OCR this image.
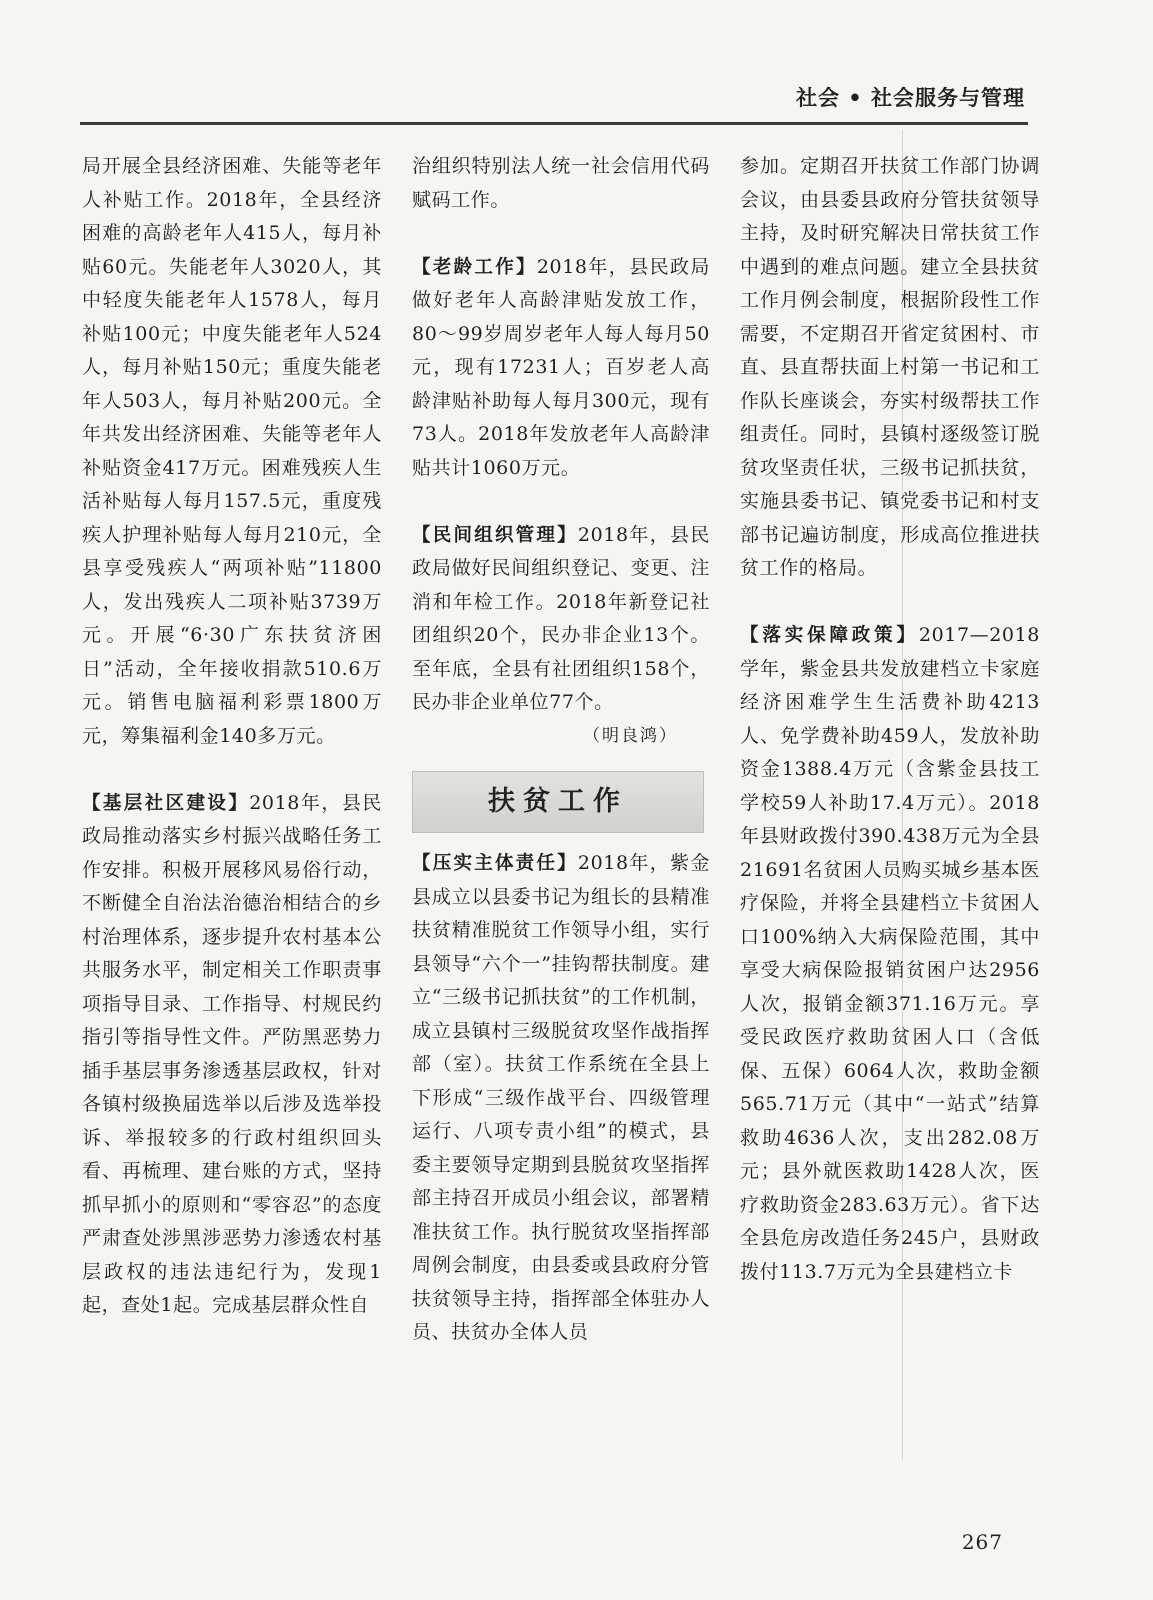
社会 • 社会服务与管理

局开展全县经济困难、失能等老年人补贴工作。2018年，全县经济困难的高龄老年人415人，每月补贴60元。失能老年人3020人，其中轻度失能老年人1578人，每月补贴100元；中度失能老年人524人，每月补贴150元；重度失能老年人503人，每月补贴200元。全年共发出经济困难、失能等老年人补贴资金417万元。困难残疾人生活补贴每人每月157.5元，重度残疾人护理补贴每人每月210元，全县享受残疾人“两项补贴”11800人，发出残疾人二项补贴3739万元。开展“6·30广东扶贫济困日”活动，全年接收捐款510.6万元。销售电脑福利彩票1800万元，筹集福利金140多万元。

【基层社区建设】2018年，县民政局推动落实乡村振兴战略任务工作安排。积极开展移风易俗行动，不断健全自治法治德治相结合的乡村治理体系，逐步提升农村基本公共服务水平，制定相关工作职责事项指导目录、工作指导、村规民约指引等指导性文件。严防黑恶势力插手基层事务渗透基层政权，针对各镇村级换届选举以后涉及选举投诉、举报较多的行政村组织回头看、再梳理、建台账的方式，坚持抓早抓小的原则和“零容忍”的态度严肃查处涉黑涉恶势力渗透农村基层政权的违法违纪行为，发现1起，查处1起。完成基层群众性自

治组织特别法人统一社会信用代码赋码工作。

【老龄工作】2018年，县民政局做好老年人高龄津贴发放工作，80～99岁周岁老年人每人每月50元，现有17231人；百岁老人高龄津贴补助每人每月300元，现有73人。2018年发放老年人高龄津贴共计1060万元。

【民间组织管理】2018年，县民政局做好民间组织登记、变更、注消和年检工作。2018年新登记社团组织20个，民办非企业13个。至年底，全县有社团组织158个，民办非企业单位77个。

（明良鸿）

扶贫工作

【压实主体责任】2018年，紫金县成立以县委书记为组长的县精准扶贫精准脱贫工作领导小组，实行县领导“六个一”挂钩帮扶制度。建立“三级书记抓扶贫”的工作机制，成立县镇村三级脱贫攻坚作战指挥部（室）。扶贫工作系统在全县上下形成“三级作战平台、四级管理运行、八项专责小组”的模式，县委主要领导定期到县脱贫攻坚指挥部主持召开成员小组会议，部署精准扶贫工作。执行脱贫攻坚指挥部周例会制度，由县委或县政府分管扶贫领导主持，指挥部全体驻办人员、扶贫办全体人员

参加。定期召开扶贫工作部门协调会议，由县委县政府分管扶贫领导主持，及时研究解决日常扶贫工作中遇到的难点问题。建立全县扶贫工作月例会制度，根据阶段性工作需要，不定期召开省定贫困村、市直、县直帮扶面上村第一书记和工作队长座谈会，夯实村级帮扶工作组责任。同时，县镇村逐级签订脱贫攻坚责任状，三级书记抓扶贫，实施县委书记、镇党委书记和村支部书记遍访制度，形成高位推进扶贫工作的格局。

【落实保障政策】2017—2018学年，紫金县共发放建档立卡家庭经济困难学生生活费补助4213人、免学费补助459人，发放补助资金1388.4万元（含紫金县技工学校59人补助17.4万元）。2018年县财政拨付390.438万元为全县21691名贫困人员购买城乡基本医疗保险，并将全县建档立卡贫困人口100%纳入大病保险范围，其中享受大病保险报销贫困户达2956人次，报销金额371.16万元。享受民政医疗救助贫困人口（含低保、五保）6064人次，救助金额565.71万元（其中“一站式”结算救助4636人次，支出282.08万元；县外就医救助1428人次，医疗救助资金283.63万元）。省下达全县危房改造任务245户，县财政拨付113.7万元为全县建档立卡

267
